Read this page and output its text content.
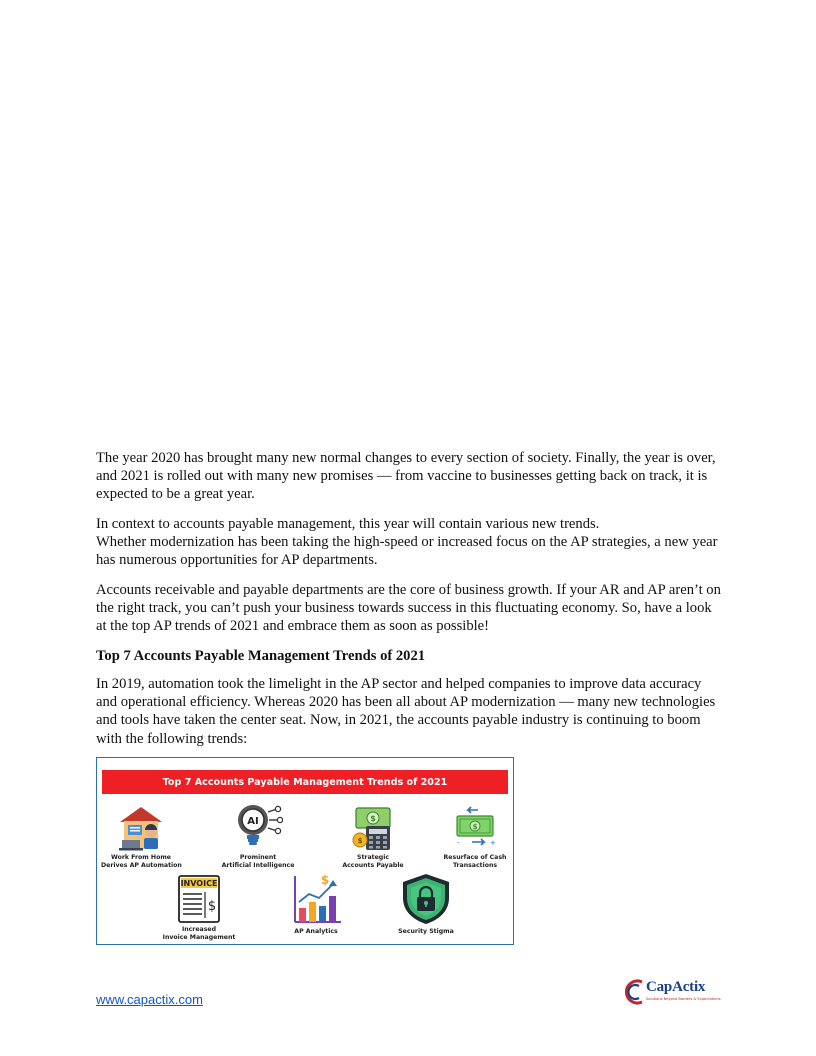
The year 2020 has brought many new normal changes to every section of society. Finally, the year is over, and 2021 is rolled out with many new promises — from vaccine to businesses getting back on track, it is expected to be a great year.

In context to accounts payable management, this year will contain various new trends.

Whether modernization has been taking the high-speed or increased focus on the AP strategies, a new year has numerous opportunities for AP departments.

Accounts receivable and payable departments are the core of business growth. If your AR and AP aren’t on the right track, you can’t push your business towards success in this fluctuating economy. So, have a look at the top AP trends of 2021 and embrace them as soon as possible!

Top 7 Accounts Payable Management Trends of 2021

In 2019, automation took the limelight in the AP sector and helped companies to improve data accuracy and operational efficiency. Whereas 2020 has been all about AP modernization — many new technologies and tools have taken the center seat. Now, in 2021, the accounts payable industry is continuing to boom with the following trends:

Top 7 Accounts Payable Management Trends of 2021
Work From Home
Derives AP Automation
AI
Prominent
Artificial Intelligence
$
$
Strategic
Accounts Payable
$
+
-
Resurface of Cash
Transactions
INVOICE
$
Increased
Invoice Management
$
AP Analytics	Security Stigma
www.capactix.com
CapActix
Solutions Beyond Borders & Expectations
